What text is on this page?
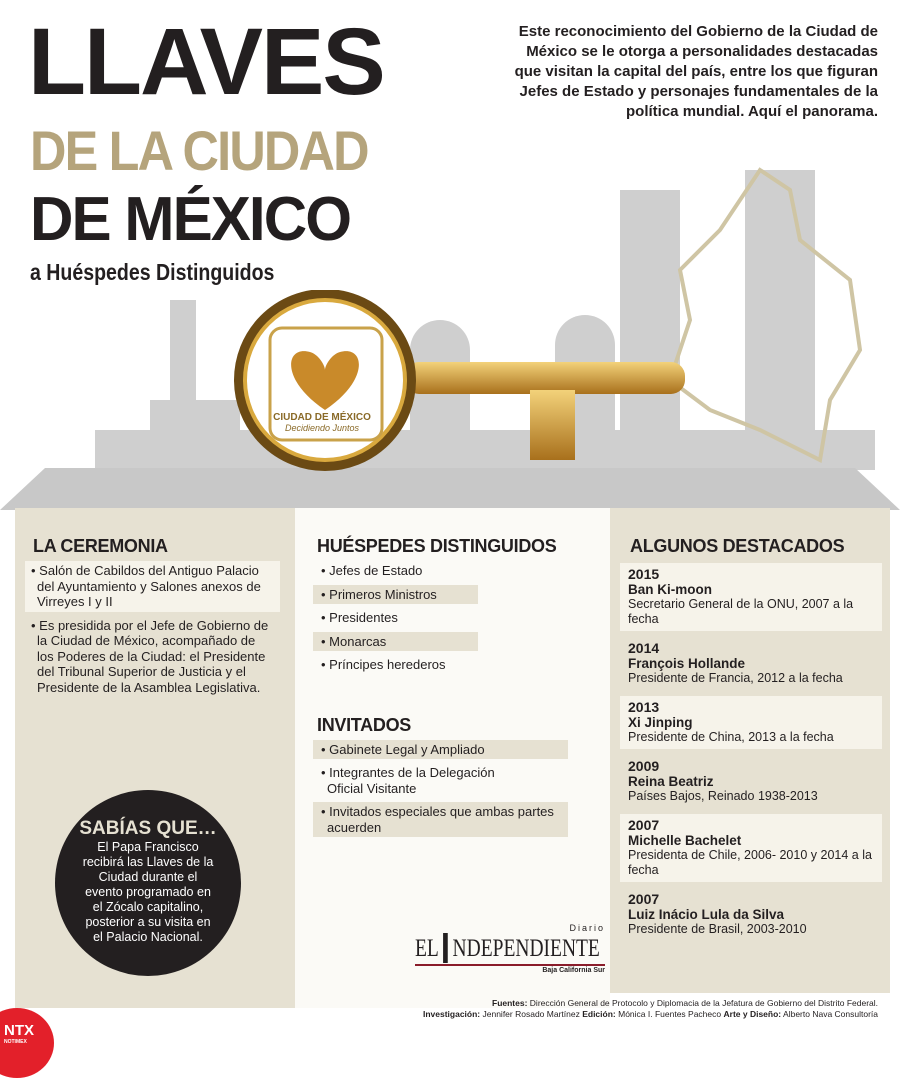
CIUDAD DE MÉXICO
Decidiendo Juntos
LLAVES
DE LA CIUDAD
DE MÉXICO
a Huéspedes Distinguidos
Este reconocimiento del Gobierno de la Ciudad de México se le otorga a personalidades destacadas que visitan la capital del país, entre los que figuran Jefes de Estado y personajes fundamentales de la política mundial. Aquí el panorama.
LA CEREMONIA
• Salón de Cabildos del Antiguo Palacio del Ayuntamiento y Salones anexos de Virreyes I y II
• Es presidida por el Jefe de Gobierno de la Ciudad de México, acompañado de los Poderes de la Ciudad: el Presidente del Tribunal Superior de Justicia y el Presidente de la Asamblea Legislativa.
HUÉSPEDES DISTINGUIDOS
• Jefes de Estado
• Primeros Ministros
• Presidentes
• Monarcas
• Príncipes herederos
INVITADOS
• Gabinete Legal y Ampliado
• Integrantes de la Delegación Oficial Visitante
• Invitados especiales que ambas partes acuerden
Diario
EL NDEPENDIENTE
Baja California Sur
ALGUNOS DESTACADOS
2015
Ban Ki-moon
Secretario General de la ONU, 2007 a la fecha
2014
François Hollande
Presidente de Francia, 2012 a la fecha
2013
Xi Jinping
Presidente de China, 2013 a la fecha
2009
Reina Beatriz
Países Bajos, Reinado 1938-2013
2007
Michelle Bachelet
Presidenta de Chile, 2006- 2010 y 2014 a la fecha
2007
Luiz Inácio Lula da Silva
Presidente de Brasil, 2003-2010
SABÍAS QUE…
El Papa Francisco recibirá las Llaves de la Ciudad durante el evento programado en el Zócalo capitalino, posterior a su visita en el Palacio Nacional.
NTX
NOTIMEX
Fuentes: Dirección General de Protocolo y Diplomacia de la Jefatura de Gobierno del Distrito Federal.
Investigación: Jennifer Rosado Martínez Edición: Mónica I. Fuentes Pacheco Arte y Diseño: Alberto Nava Consultoría
